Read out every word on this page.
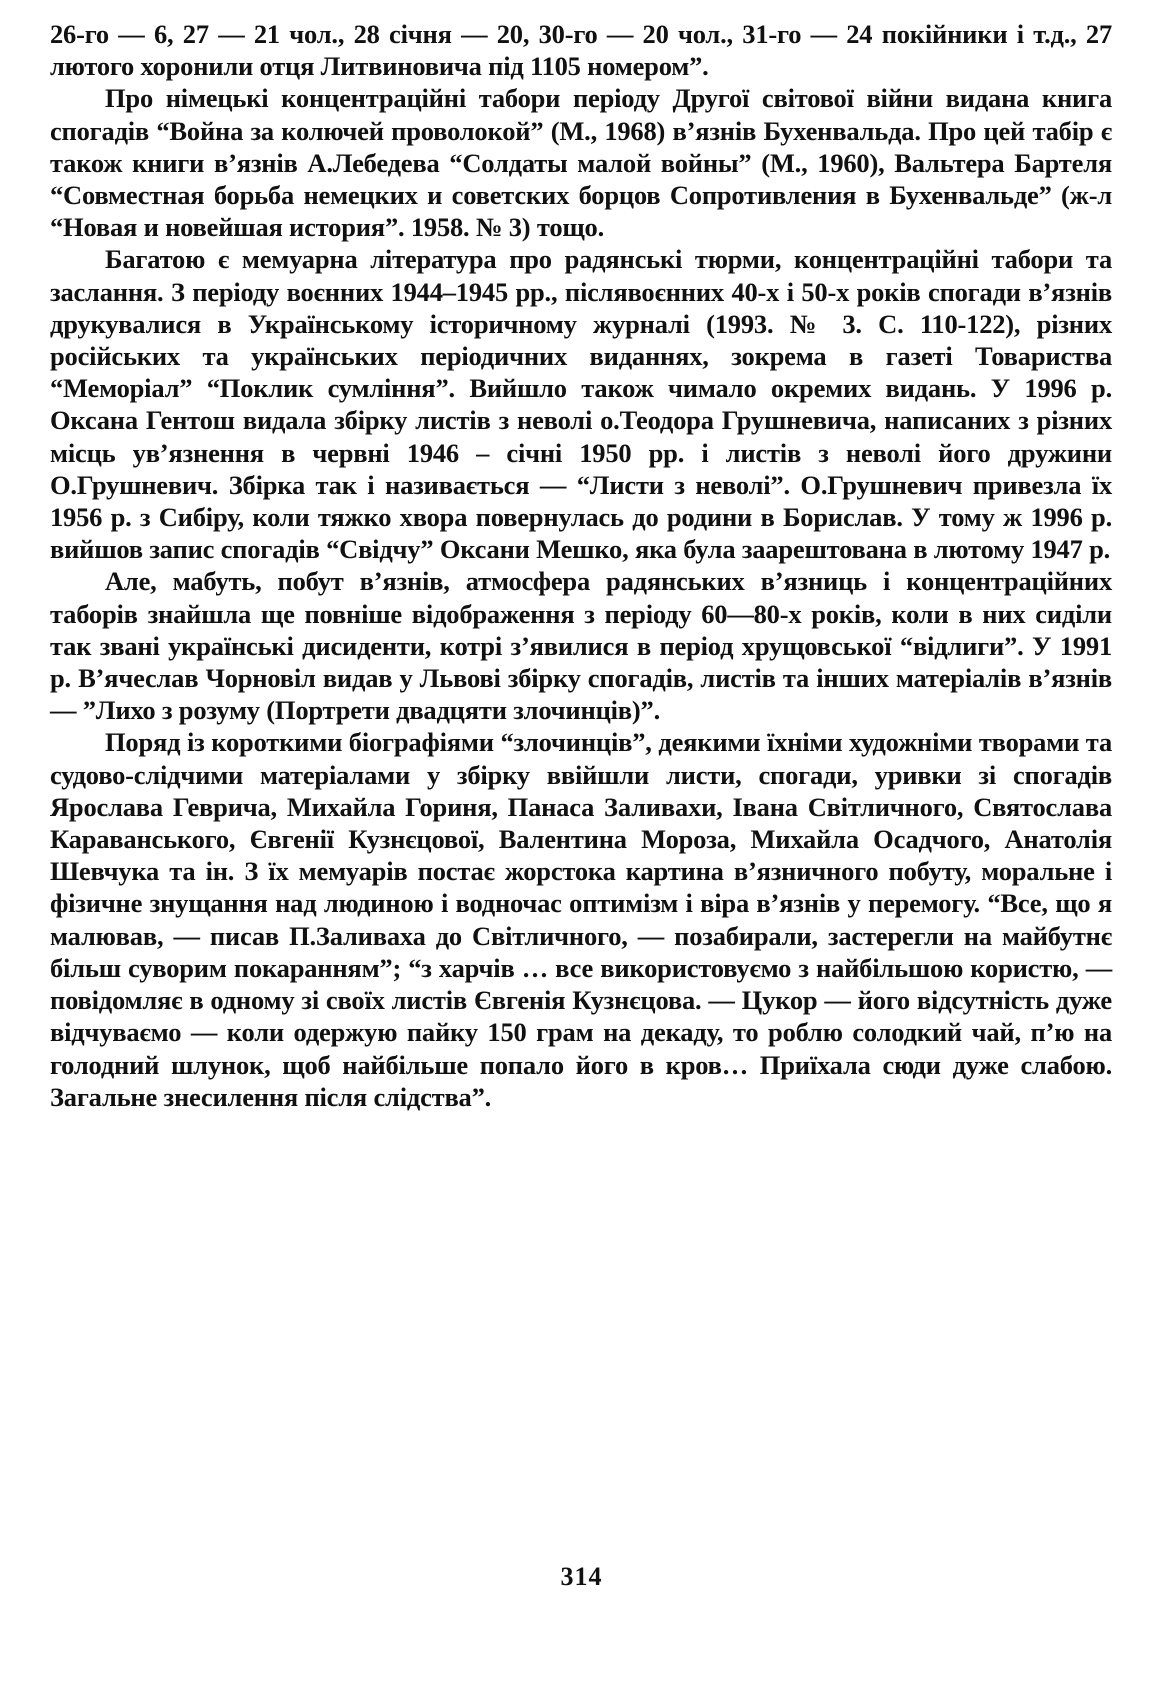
26-го — 6, 27 — 21 чол., 28 січня — 20, 30-го — 20 чол., 31-го — 24 покійники і т.д., 27 лютого хоронили отця Литвиновича під 1105 номером”.

Про німецькі концентраційні табори періоду Другої світової війни видана книга спогадів “Война за колючей проволокой” (М., 1968) в’язнів Бухенвальда. Про цей табір є також книги в’язнів А.Лебедева “Солдаты малой войны” (М., 1960), Вальтера Бартеля “Совместная борьба немецких и советских борцов Сопротивления в Бухенвальде” (ж-л “Новая и новейшая история”. 1958. № 3) тощо.

Багатою є мемуарна література про радянські тюрми, концентраційні табори та заслання. З періоду воєнних 1944–1945 рр., післявоєнних 40-х і 50-х років спогади в’язнів друкувалися в Українському історичному журналі (1993. № 3. С. 110-122), різних російських та українських періодичних виданнях, зокрема в газеті Товариства “Меморіал” “Поклик сумління”. Вийшло також чимало окремих видань. У 1996 р. Оксана Гентош видала збірку листів з неволі о.Теодора Грушневича, написаних з різних місць ув’язнення в червні 1946 – січні 1950 рр. і листів з неволі його дружини О.Грушневич. Збірка так і називається — “Листи з неволі”. О.Грушневич привезла їх 1956 р. з Сибіру, коли тяжко хвора повернулась до родини в Борислав. У тому ж 1996 р. вийшов запис спогадів “Свідчу” Оксани Мешко, яка була заарештована в лютому 1947 р.

Але, мабуть, побут в’язнів, атмосфера радянських в’язниць і концентраційних таборів знайшла ще повніше відображення з періоду 60—80-х років, коли в них сиділи так звані українські дисиденти, котрі з’явилися в період хрущовської “відлиги”. У 1991 р. В’ячеслав Чорновіл видав у Львові збірку спогадів, листів та інших матеріалів в’язнів — ”Лихо з розуму (Портрети двадцяти злочинців)”.

Поряд із короткими біографіями “злочинців”, деякими їхніми художніми творами та судово-слідчими матеріалами у збірку ввійшли листи, спогади, уривки зі спогадів Ярослава Геврича, Михайла Гориня, Панаса Заливахи, Івана Світличного, Святослава Караванського, Євгенії Кузнєцової, Валентина Мороза, Михайла Осадчого, Анатолія Шевчука та ін. З їх мемуарів постає жорстока картина в’язничного побуту, моральне і фізичне знущання над людиною і водночас оптимізм і віра в’язнів у перемогу. “Все, що я малював, — писав П.Заливаха до Світличного, — позабирали, застерегли на майбутнє більш суворим покаранням”; “з харчів … все використовуємо з найбільшою користю, — повідомляє в одному зі своїх листів Євгенія Кузнєцова. — Цукор — його відсутність дуже відчуваємо — коли одержую пайку 150 грам на декаду, то роблю солодкий чай, п’ю на голодний шлунок, щоб найбільше попало його в кров… Приїхала сюди дуже слабою. Загальне знесилення після слідства”.

314
